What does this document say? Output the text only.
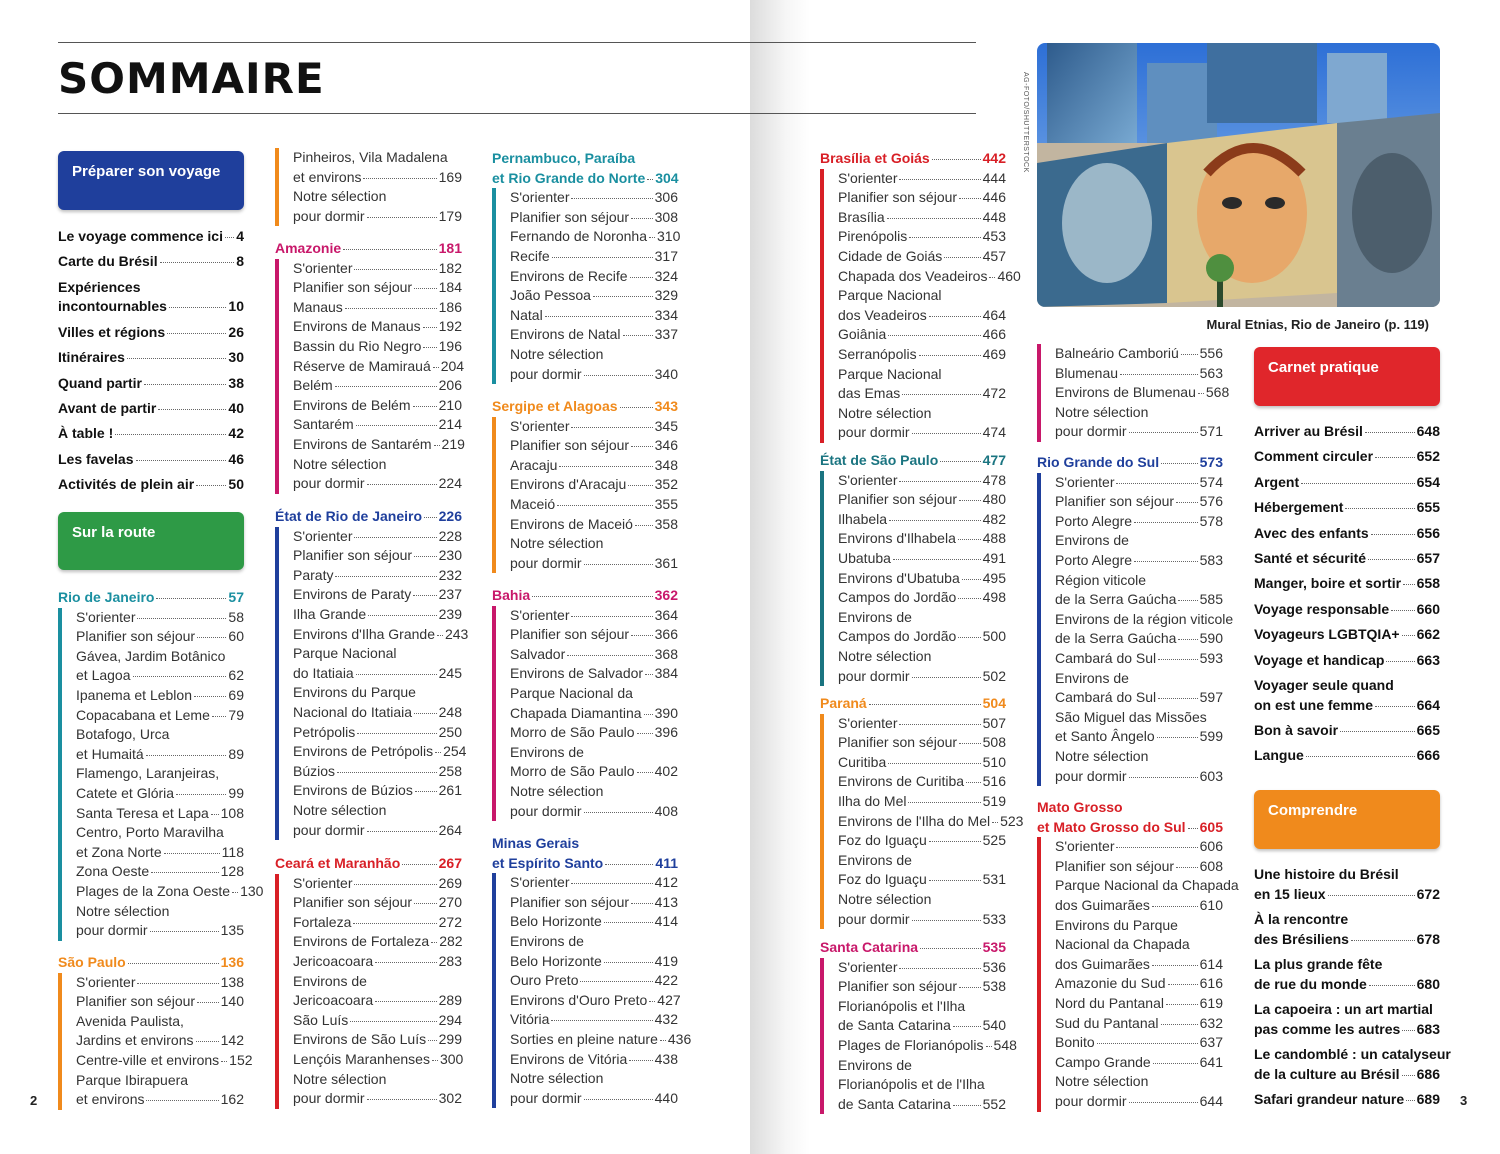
SOMMAIRE
2	3
Préparer son voyage
Sur la route
Carnet pratique
Comprendre
AG-FOTO/SHUTTERSTOCK
Mural Etnias, Rio de Janeiro (p. 119)
Le voyage commence ici 4
Carte du Brésil	8
Expériences
incontournables	10
Villes et régions	26
Itinéraires	30
Quand partir	38
Avant de partir	40
À table !	42
Les favelas	46
Activités de plein air 50
Rio de Janeiro	57
S'orienter	58
Planifier son séjour 60
Gávea, Jardim Botânico
et Lagoa	62
Ipanema et Leblon	69
Copacabana et Leme 79
Botafogo, Urca
et Humaitá	89
Flamengo, Laranjeiras,
Catete et Glória	99
Santa Teresa et Lapa 108
Centro, Porto Maravilha
et Zona Norte	118
Zona Oeste	128
Plages de la Zona Oeste 130
Notre sélection
pour dormir	135
São Paulo	136
S'orienter	138
Planifier son séjour 140
Avenida Paulista,
Jardins et environs 142
Centre-ville et environs 152
Parque Ibirapuera
et environs	162
Pinheiros, Vila Madalena
et environs	169
Notre sélection
pour dormir	179
Amazonie	181
S'orienter	182
Planifier son séjour 184
Manaus	186
Environs de Manaus 192
Bassin du Rio Negro 196
Réserve de Mamirauá 204
Belém	206
Environs de Belém 210
Santarém	214
Environs de Santarém 219
Notre sélection
pour dormir	224
État de Rio de Janeiro 226
S'orienter	228
Planifier son séjour 230
Paraty	232
Environs de Paraty 237
Ilha Grande	239
Environs d'Ilha Grande 243
Parque Nacional
do Itatiaia	245
Environs du Parque
Nacional do Itatiaia 248
Petrópolis	250
Environs de Petrópolis 254
Búzios	258
Environs de Búzios 261
Notre sélection
pour dormir	264
Ceará et Maranhão	267
S'orienter	269
Planifier son séjour 270
Fortaleza	272
Environs de Fortaleza 282
Jericoacoara	283
Environs de
Jericoacoara	289
São Luís	294
Environs de São Luís 299
Lençóis Maranhenses 300
Notre sélection
pour dormir	302
Pernambuco, Paraíba
et Rio Grande do Norte 304
S'orienter	306
Planifier son séjour 308
Fernando de Noronha 310
Recife	317
Environs de Recife 324
João Pessoa	329
Natal	334
Environs de Natal 337
Notre sélection
pour dormir	340
Sergipe et Alagoas	343
S'orienter	345
Planifier son séjour 346
Aracaju	348
Environs d'Aracaju 352
Maceió	355
Environs de Maceió 358
Notre sélection
pour dormir	361
Bahia	362
S'orienter	364
Planifier son séjour 366
Salvador	368
Environs de Salvador 384
Parque Nacional da
Chapada Diamantina 390
Morro de São Paulo 396
Environs de
Morro de São Paulo 402
Notre sélection
pour dormir	408
Minas Gerais
et Espírito Santo	411
S'orienter	412
Planifier son séjour 413
Belo Horizonte	414
Environs de
Belo Horizonte	419
Ouro Preto	422
Environs d'Ouro Preto 427
Vitória	432
Sorties en pleine nature 436
Environs de Vitória 438
Notre sélection
pour dormir	440
Brasília et Goiás	442
S'orienter	444
Planifier son séjour 446
Brasília	448
Pirenópolis	453
Cidade de Goiás	457
Chapada dos Veadeiros 460
Parque Nacional
dos Veadeiros	464
Goiânia	466
Serranópolis	469
Parque Nacional
das Emas	472
Notre sélection
pour dormir	474
État de São Paulo	477
S'orienter	478
Planifier son séjour 480
Ilhabela	482
Environs d'Ilhabela 488
Ubatuba	491
Environs d'Ubatuba 495
Campos do Jordão 498
Environs de
Campos do Jordão 500
Notre sélection
pour dormir	502
Paraná	504
S'orienter	507
Planifier son séjour 508
Curitiba	510
Environs de Curitiba 516
Ilha do Mel	519
Environs de l'Ilha do Mel 523
Foz do Iguaçu	525
Environs de
Foz do Iguaçu	531
Notre sélection
pour dormir	533
Santa Catarina	535
S'orienter	536
Planifier son séjour 538
Florianópolis et l'Ilha
de Santa Catarina 540
Plages de Florianópolis 548
Environs de
Florianópolis et de l'Ilha
de Santa Catarina 552
Balneário Camboriú 556
Blumenau	563
Environs de Blumenau 568
Notre sélection
pour dormir	571
Rio Grande do Sul	573
S'orienter	574
Planifier son séjour 576
Porto Alegre	578
Environs de
Porto Alegre	583
Région viticole
de la Serra Gaúcha 585
Environs de la région viticole
de la Serra Gaúcha 590
Cambará do Sul	593
Environs de
Cambará do Sul	597
São Miguel das Missões
et Santo Ângelo	599
Notre sélection
pour dormir	603
Mato Grosso
et Mato Grosso do Sul 605
S'orienter	606
Planifier son séjour 608
Parque Nacional da Chapada
dos Guimarães	610
Environs du Parque
Nacional da Chapada
dos Guimarães	614
Amazonie du Sud 616
Nord du Pantanal	619
Sud du Pantanal	632
Bonito	637
Campo Grande	641
Notre sélection
pour dormir	644
Arriver au Brésil	648
Comment circuler	652
Argent	654
Hébergement	655
Avec des enfants	656
Santé et sécurité	657
Manger, boire et sortir 658
Voyage responsable 660
Voyageurs LGBTQIA+ 662
Voyage et handicap 663
Voyager seule quand
on est une femme	664
Bon à savoir	665
Langue	666
Une histoire du Brésil
en 15 lieux	672
À la rencontre
des Brésiliens	678
La plus grande fête
de rue du monde	680
La capoeira : un art martial
pas comme les autres 683
Le candomblé : un catalyseur
de la culture au Brésil 686
Safari grandeur nature 689
